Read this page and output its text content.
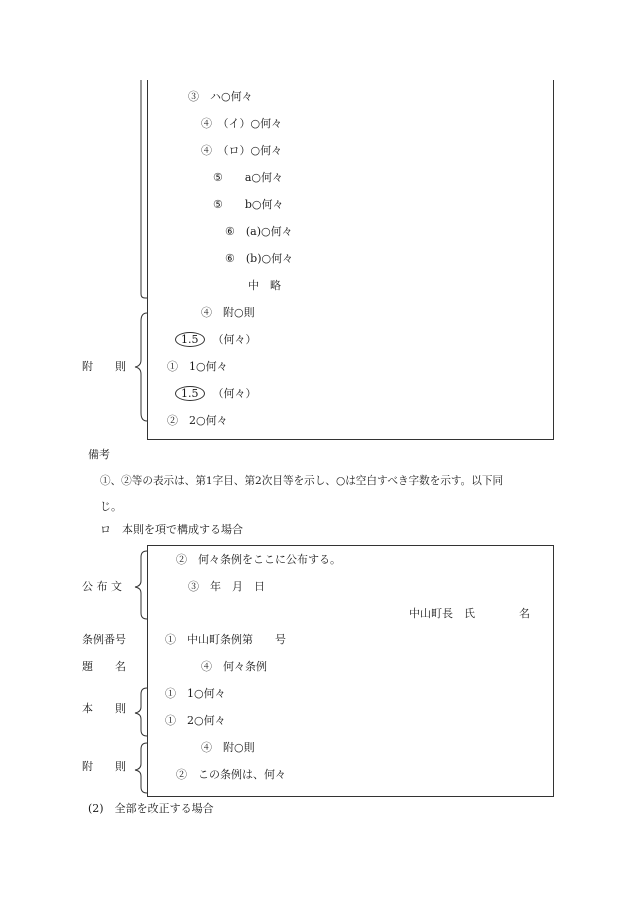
③　ハ○何々
④　（イ）○何々
④　（ロ）○何々
⑤　　a○何々
⑤　　b○何々
⑥　(a)○何々
⑥　(b)○何々
中　略
④　附○則
附　　則
1.5 （何々）
①　1○何々
1.5 （何々）
②　2○何々
備考
①、②等の表示は、第1字目、第2次目等を示し、○は空白すべき字数を示す。以下同
じ。
ロ　本則を項で構成する場合
公 布 文
②　何々条例をここに公布する。
③　年　月　日
中山町長　氏　　　　名
条例番号	①　中山町条例第　　号
題　　名	④　何々条例
本　　則
①　1○何々
①　2○何々
附　　則
④　附○則
②　この条例は、何々
(2)　全部を改正する場合
